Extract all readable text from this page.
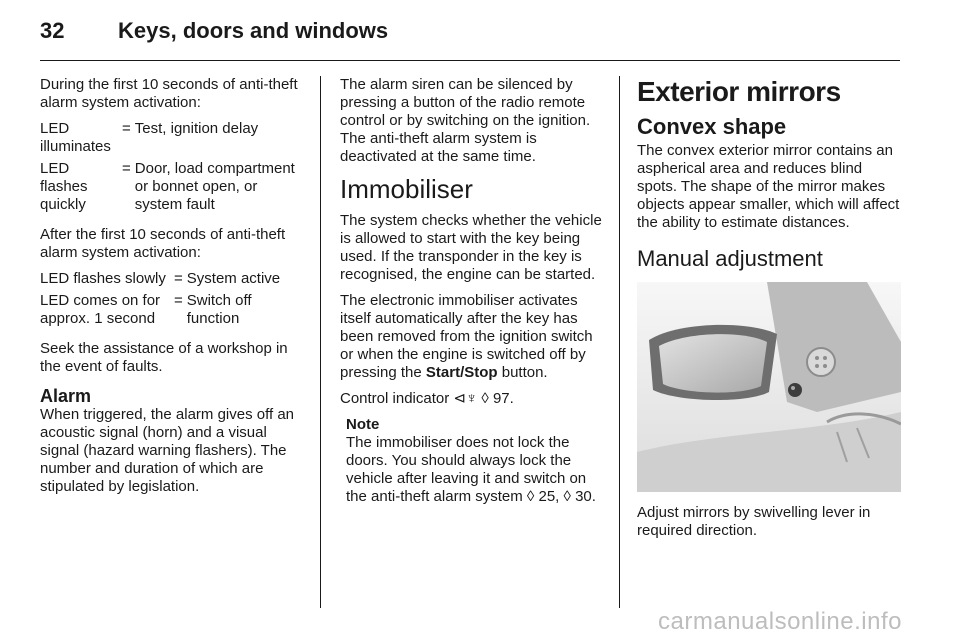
32 Keys, doors and windows

During the first 10 seconds of anti-theft alarm system activation:

LED illuminates	=	Test, ignition delay
LED flashes quickly	=	Door, load compartment or bonnet open, or system fault

After the first 10 seconds of anti-theft alarm system activation:

LED flashes slowly	=	System active
LED comes on for approx. 1 second	=	Switch off function

Seek the assistance of a workshop in the event of faults.

Alarm

When triggered, the alarm gives off an acoustic signal (horn) and a visual signal (hazard warning flashers). The number and duration of which are stipulated by legislation.

The alarm siren can be silenced by pressing a button of the radio remote control or by switching on the ignition. The anti-theft alarm system is deactivated at the same time.

Immobiliser

The system checks whether the vehicle is allowed to start with the key being used. If the transponder in the key is recognised, the engine can be started.

The electronic immobiliser activates itself automatically after the key has been removed from the ignition switch or when the engine is switched off by pressing the Start/Stop button.

Control indicator ⊲♆ ◊ 97.

Note
The immobiliser does not lock the doors. You should always lock the vehicle after leaving it and switch on the anti-theft alarm system ◊ 25, ◊ 30.
Exterior mirrors
Convex shape

The convex exterior mirror contains an aspherical area and reduces blind spots. The shape of the mirror makes objects appear smaller, which will affect the ability to estimate distances.

Manual adjustment

Adjust mirrors by swivelling lever in required direction.

carmanualsonline.info
